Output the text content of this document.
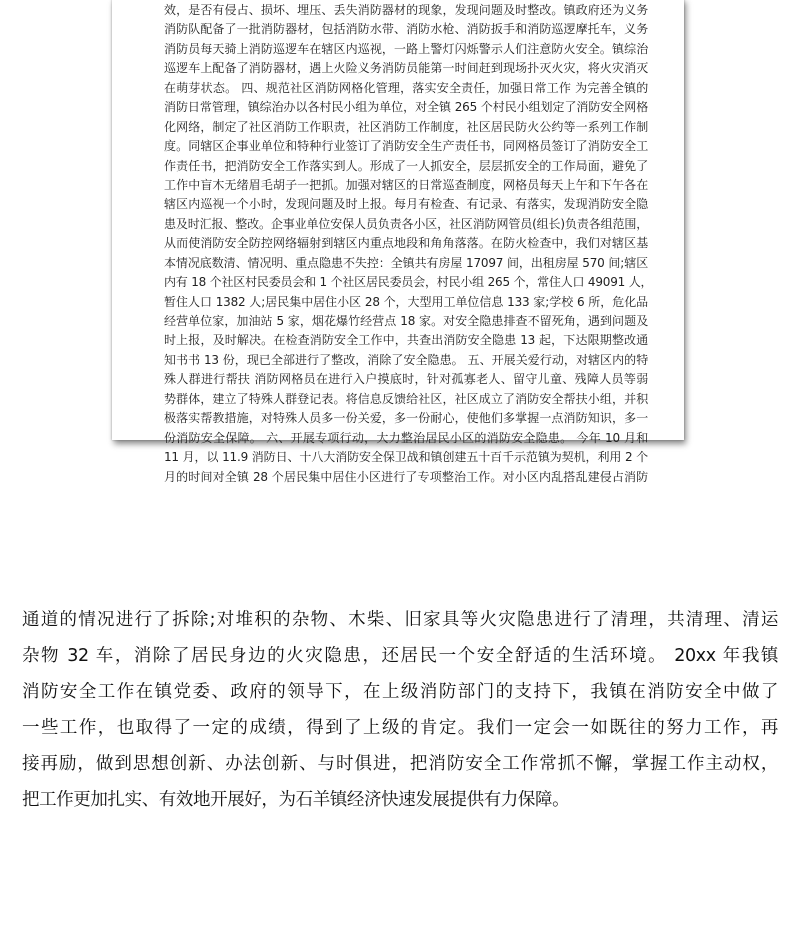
效，是否有侵占、损坏、埋压、丢失消防器材的现象，发现问题及时整改。镇政府还为义务
消防队配备了一批消防器材，包括消防水带、消防水枪、消防扳手和消防巡逻摩托车，义务
消防员每天骑上消防巡逻车在辖区内巡视，一路上警灯闪烁警示人们注意防火安全。镇综治
巡逻车上配备了消防器材，遇上火险义务消防员能第一时间赶到现场扑灭火灾，将火灾消灭
在萌芽状态。 四、规范社区消防网格化管理，落实安全责任，加强日常工作 为完善全镇的
消防日常管理，镇综治办以各村民小组为单位，对全镇 265 个村民小组划定了消防安全网格
化网络，制定了社区消防工作职责，社区消防工作制度，社区居民防火公约等一系列工作制
度。同辖区企事业单位和特种行业签订了消防安全生产责任书，同网格员签订了消防安全工
作责任书，把消防安全工作落实到人。形成了一人抓安全，层层抓安全的工作局面，避免了
工作中盲木无绪眉毛胡子一把抓。加强对辖区的日常巡查制度，网格员每天上午和下午各在
辖区内巡视一个小时，发现问题及时上报。每月有检查、有记录、有落实，发现消防安全隐
患及时汇报、整改。企事业单位安保人员负责各小区，社区消防网管员(组长)负责各组范围，
从而使消防安全防控网络辐射到辖区内重点地段和角角落落。在防火检查中，我们对辖区基
本情况底数清、情况明、重点隐患不失控：全镇共有房屋 17097 间，出租房屋 570 间;辖区
内有 18 个社区村民委员会和 1 个社区居民委员会，村民小组 265 个，常住人口 49091 人，
暂住人口 1382 人;居民集中居住小区 28 个，大型用工单位信息 133 家;学校 6 所，危化品
经营单位家，加油站 5 家，烟花爆竹经营点 18 家。对安全隐患排查不留死角，遇到问题及
时上报，及时解决。在检查消防安全工作中，共查出消防安全隐患 13 起，下达限期整改通
知书书 13 份，现已全部进行了整改，消除了安全隐患。 五、开展关爱行动，对辖区内的特
殊人群进行帮扶 消防网格员在进行入户摸底时，针对孤寡老人、留守儿童、残障人员等弱
势群体，建立了特殊人群登记表。将信息反馈给社区，社区成立了消防安全帮扶小组，并积
极落实帮教措施，对特殊人员多一份关爱，多一份耐心，使他们多掌握一点消防知识，多一
份消防安全保障。 六、开展专项行动，大力整治居民小区的消防安全隐患。 今年 10 月和
11 月，以 11.9 消防日、十八大消防安全保卫战和镇创建五十百千示范镇为契机，利用 2 个
月的时间对全镇 28 个居民集中居住小区进行了专项整治工作。对小区内乱搭乱建侵占消防
通道的情况进行了拆除;对堆积的杂物、木柴、旧家具等火灾隐患进行了清理，共清理、清运
杂物 32 车，消除了居民身边的火灾隐患，还居民一个安全舒适的生活环境。 20xx 年我镇
消防安全工作在镇党委、政府的领导下，在上级消防部门的支持下，我镇在消防安全中做了
一些工作，也取得了一定的成绩，得到了上级的肯定。我们一定会一如既往的努力工作，再
接再励，做到思想创新、办法创新、与时俱进，把消防安全工作常抓不懈，掌握工作主动权，
把工作更加扎实、有效地开展好，为石羊镇经济快速发展提供有力保障。
